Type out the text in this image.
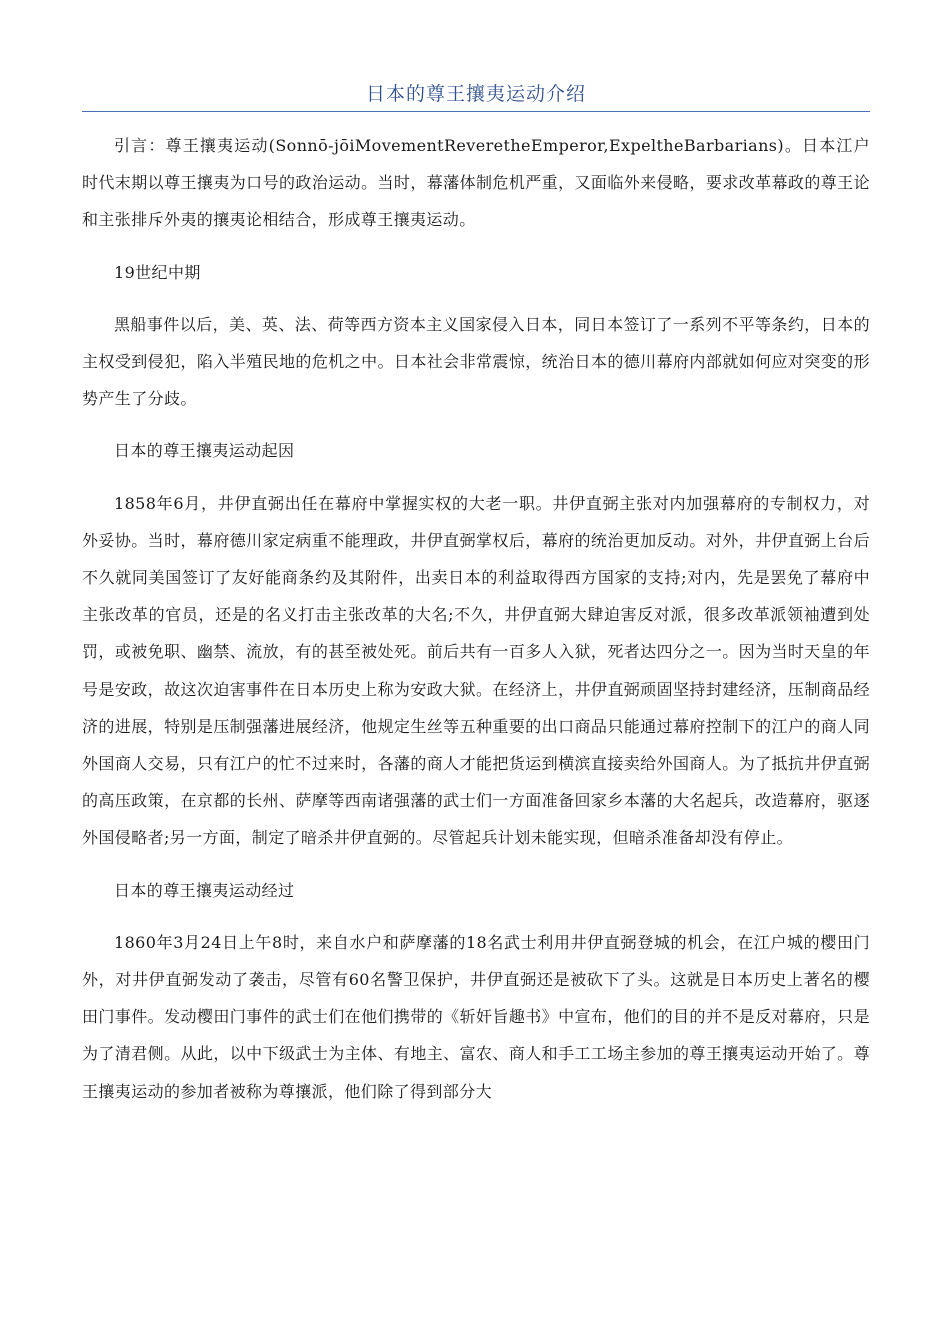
日本的尊王攘夷运动介绍

引言：尊王攘夷运动(Sonnō-jōiMovementReveretheEmperor,ExpeltheBarbarians)。日本江户时代末期以尊王攘夷为口号的政治运动。当时，幕藩体制危机严重，又面临外来侵略，要求改革幕政的尊王论和主张排斥外夷的攘夷论相结合，形成尊王攘夷运动。

19世纪中期

黑船事件以后，美、英、法、荷等西方资本主义国家侵入日本，同日本签订了一系列不平等条约，日本的主权受到侵犯，陷入半殖民地的危机之中。日本社会非常震惊，统治日本的德川幕府内部就如何应对突变的形势产生了分歧。

日本的尊王攘夷运动起因

1858年6月，井伊直弼出任在幕府中掌握实权的大老一职。井伊直弼主张对内加强幕府的专制权力，对外妥协。当时，幕府德川家定病重不能理政，井伊直弼掌权后，幕府的统治更加反动。对外，井伊直弼上台后不久就同美国签订了友好能商条约及其附件，出卖日本的利益取得西方国家的支持;对内，先是罢免了幕府中主张改革的官员，还是的名义打击主张改革的大名;不久，井伊直弼大肆迫害反对派，很多改革派领袖遭到处罚，或被免职、幽禁、流放，有的甚至被处死。前后共有一百多人入狱，死者达四分之一。因为当时天皇的年号是安政，故这次迫害事件在日本历史上称为安政大狱。在经济上，井伊直弼顽固坚持封建经济，压制商品经济的进展，特别是压制强藩进展经济，他规定生丝等五种重要的出口商品只能通过幕府控制下的江户的商人同外国商人交易，只有江户的忙不过来时，各藩的商人才能把货运到横滨直接卖给外国商人。为了抵抗井伊直弼的高压政策，在京都的长州、萨摩等西南诸强藩的武士们一方面准备回家乡本藩的大名起兵，改造幕府，驱逐外国侵略者;另一方面，制定了暗杀井伊直弼的。尽管起兵计划未能实现，但暗杀准备却没有停止。

日本的尊王攘夷运动经过

1860年3月24日上午8时，来自水户和萨摩藩的18名武士利用井伊直弼登城的机会，在江户城的樱田门外，对井伊直弼发动了袭击，尽管有60名警卫保护，井伊直弼还是被砍下了头。这就是日本历史上著名的樱田门事件。发动樱田门事件的武士们在他们携带的《斩奸旨趣书》中宣布，他们的目的并不是反对幕府，只是为了清君侧。从此，以中下级武士为主体、有地主、富农、商人和手工工场主参加的尊王攘夷运动开始了。尊王攘夷运动的参加者被称为尊攘派，他们除了得到部分大
